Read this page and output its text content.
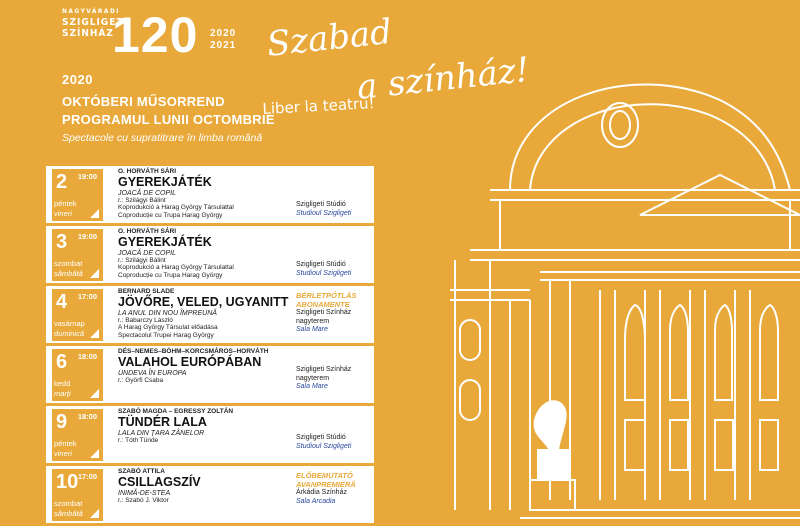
NAGYVÁRADI
SZIGLIGETI
SZÍNHÁZ
120 2020
2021 Szabad
a színház!
Liber la teatru!
2020
OKTÓBERI MŰSORREND
PROGRAMUL LUNII OCTOMBRIE
Spectacole cu supratitrare în limba română
2 19:00
péntek
vineri
O. HORVÁTH SÁRI
GYEREKJÁTÉK
JOACĂ DE COPIL
r.: Szilágyi Bálint
Koprodukció a Harag György Társulattal
Coproducție cu Trupa Harag György
Szigligeti Stúdió
Studioul Szigligeti
3 19:00
szombat
sâmbătă
O. HORVÁTH SÁRI
GYEREKJÁTÉK
JOACĂ DE COPIL
r.: Szilágyi Bálint
Koprodukció a Harag György Társulattal
Coproducție cu Trupa Harag György
Szigligeti Stúdió
Studioul Szigligeti
4 17:00
vasárnap
duminică
BERNARD SLADE
JÖVŐRE, VELED, UGYANITT
LA ANUL DIN NOU ÎMPREUNĂ
r.: Babarczy László
A Harag György Társulat előadása
Spectacolul Trupei Harag György
BÉRLETPÓTLÁS
ABONAMENTE
Szigligeti Színház
nagyterem
Sala Mare
6 18:00
kedd
marți
DÉS–NEMES–BÖHM–KORCSMÁROS–HORVÁTH
VALAHOL EURÓPÁBAN
UNDEVA ÎN EUROPA
r.: Györfi Csaba
Szigligeti Színház
nagyterem
Sala Mare
9 18:00
péntek
vineri
SZABÓ MAGDA – EGRESSY ZOLTÁN
TÜNDÉR LALA
LALA DIN ȚARA ZÂNELOR
r.: Tóth Tünde	Szigligeti Stúdió
Studioul Szigligeti
10 17:00
szombat
sâmbătă
SZABÓ ATTILA
CSILLAGSZÍV
INIMĂ-DE-STEA
r.: Szabó J. Viktor
ELŐBEMUTATÓ
AVANPREMIERĂ
Árkádia Színház
Sala Arcadia
